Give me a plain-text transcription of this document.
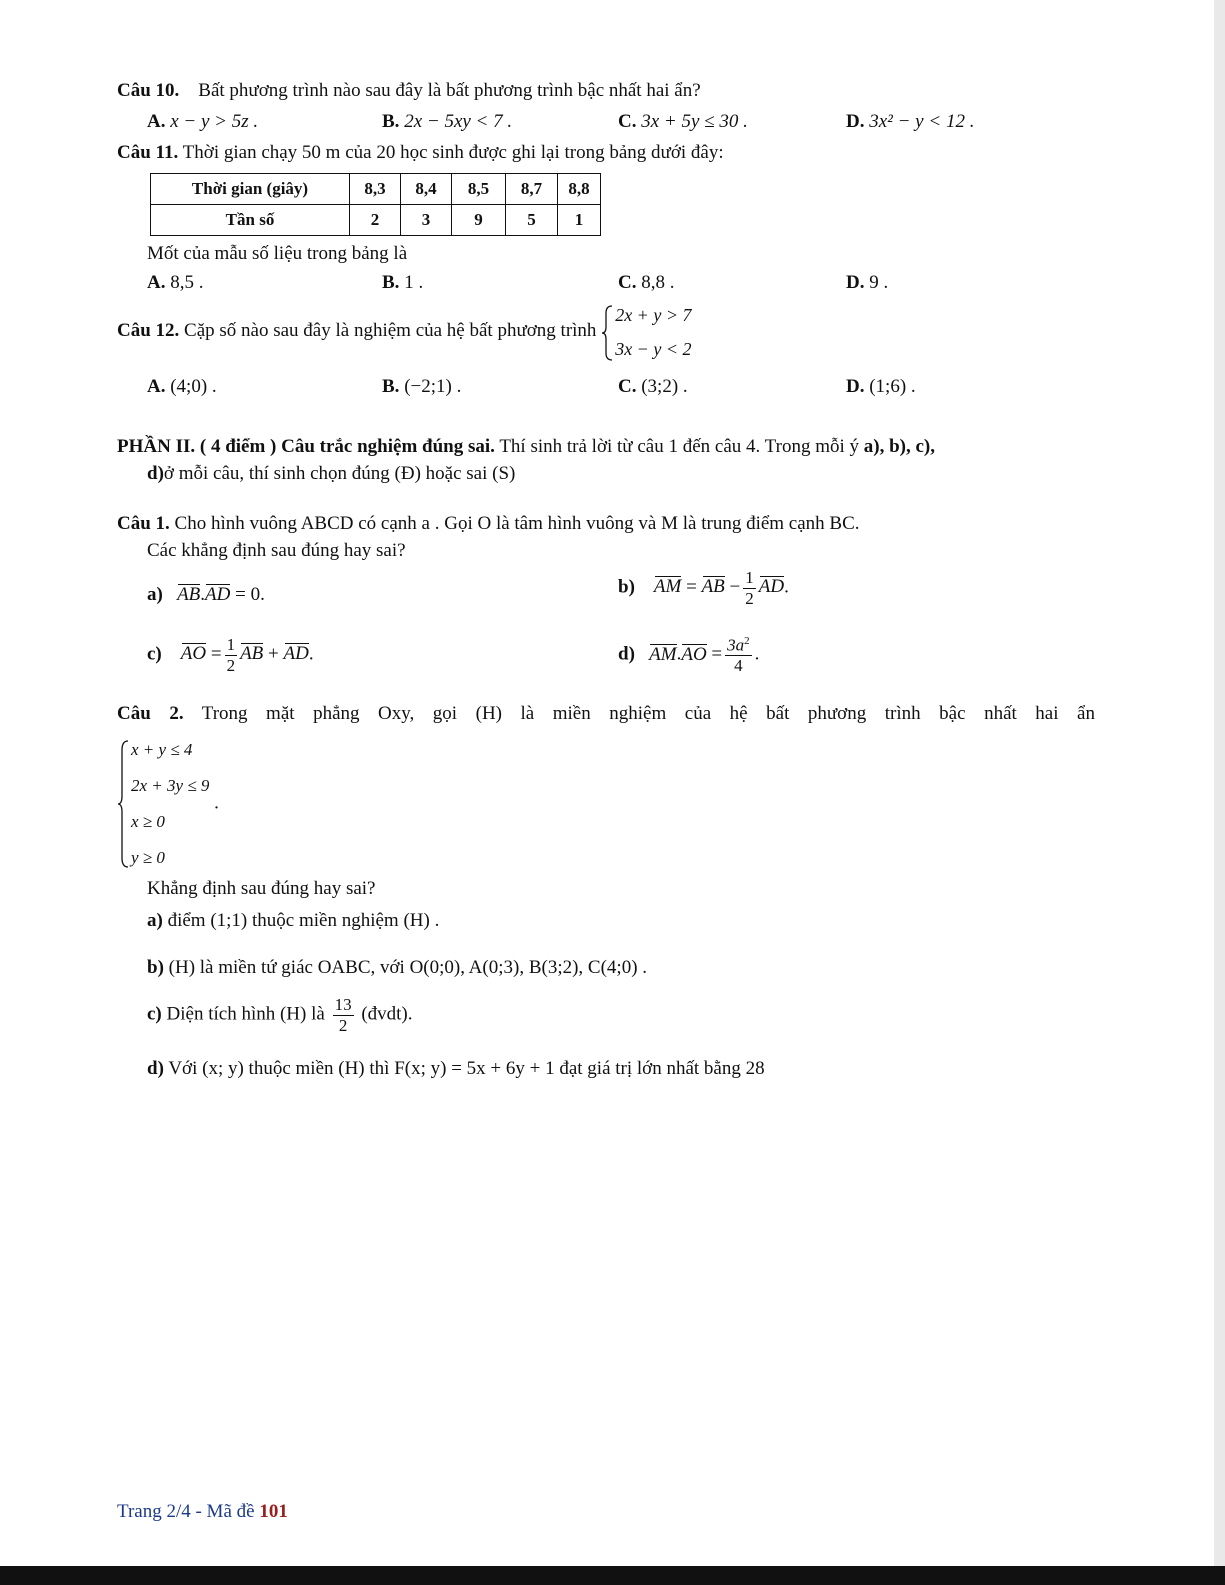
Câu 10. Bất phương trình nào sau đây là bất phương trình bậc nhất hai ẩn?
A. x − y > 5z .	B. 2x − 5xy < 7 .	C. 3x + 5y ≤ 30 .	D. 3x² − y < 12 .
Câu 11. Thời gian chạy 50 m của 20 học sinh được ghi lại trong bảng dưới đây:
Thời gian (giây)	8,3	8,4	8,5	8,7	8,8
Tần số	2	3	9	5	1
Mốt của mẫu số liệu trong bảng là
A. 8,5 .	B. 1 .	C. 8,8 .	D. 9 .
Câu 12. Cặp số nào sau đây là nghiệm của hệ bất phương trình
2x + y > 7
3x − y < 2
A. (4;0) .	B. (−2;1) .	C. (3;2) .	D. (1;6) .
PHẦN II. ( 4 điểm ) Câu trắc nghiệm đúng sai. Thí sinh trả lời từ câu 1 đến câu 4. Trong mỗi ý a), b), c),
d)ở mỗi câu, thí sinh chọn đúng (Đ) hoặc sai (S)
Câu 1. Cho hình vuông ABCD có cạnh a . Gọi O là tâm hình vuông và M là trung điểm cạnh BC.
Các khẳng định sau đúng hay sai?
a) AB.AD = 0.	b) AM = AB − $\frac{1}{2}$ AD.
c) AO = $\frac{1}{2}$ AB + AD.	d) $AM.AO = \frac{3a^2}{4}$ .
Câu 2. Trong mặt phẳng Oxy, gọi (H) là miền nghiệm của hệ bất phương trình bậc nhất hai ẩn
x + y ≤ 4
2x + 3y ≤ 9
x ≥ 0
y ≥ 0
.
Khẳng định sau đúng hay sai?
a) điểm (1;1) thuộc miền nghiệm (H) .
b) (H) là miền tứ giác OABC, với O(0;0), A(0;3), B(3;2), C(4;0) .
c) Diện tích hình (H) là $\frac{13}{2}$ (đvdt).
d) Với (x; y) thuộc miền (H) thì F(x; y) = 5x + 6y + 1 đạt giá trị lớn nhất bằng 28
Trang 2/4 - Mã đề 101
